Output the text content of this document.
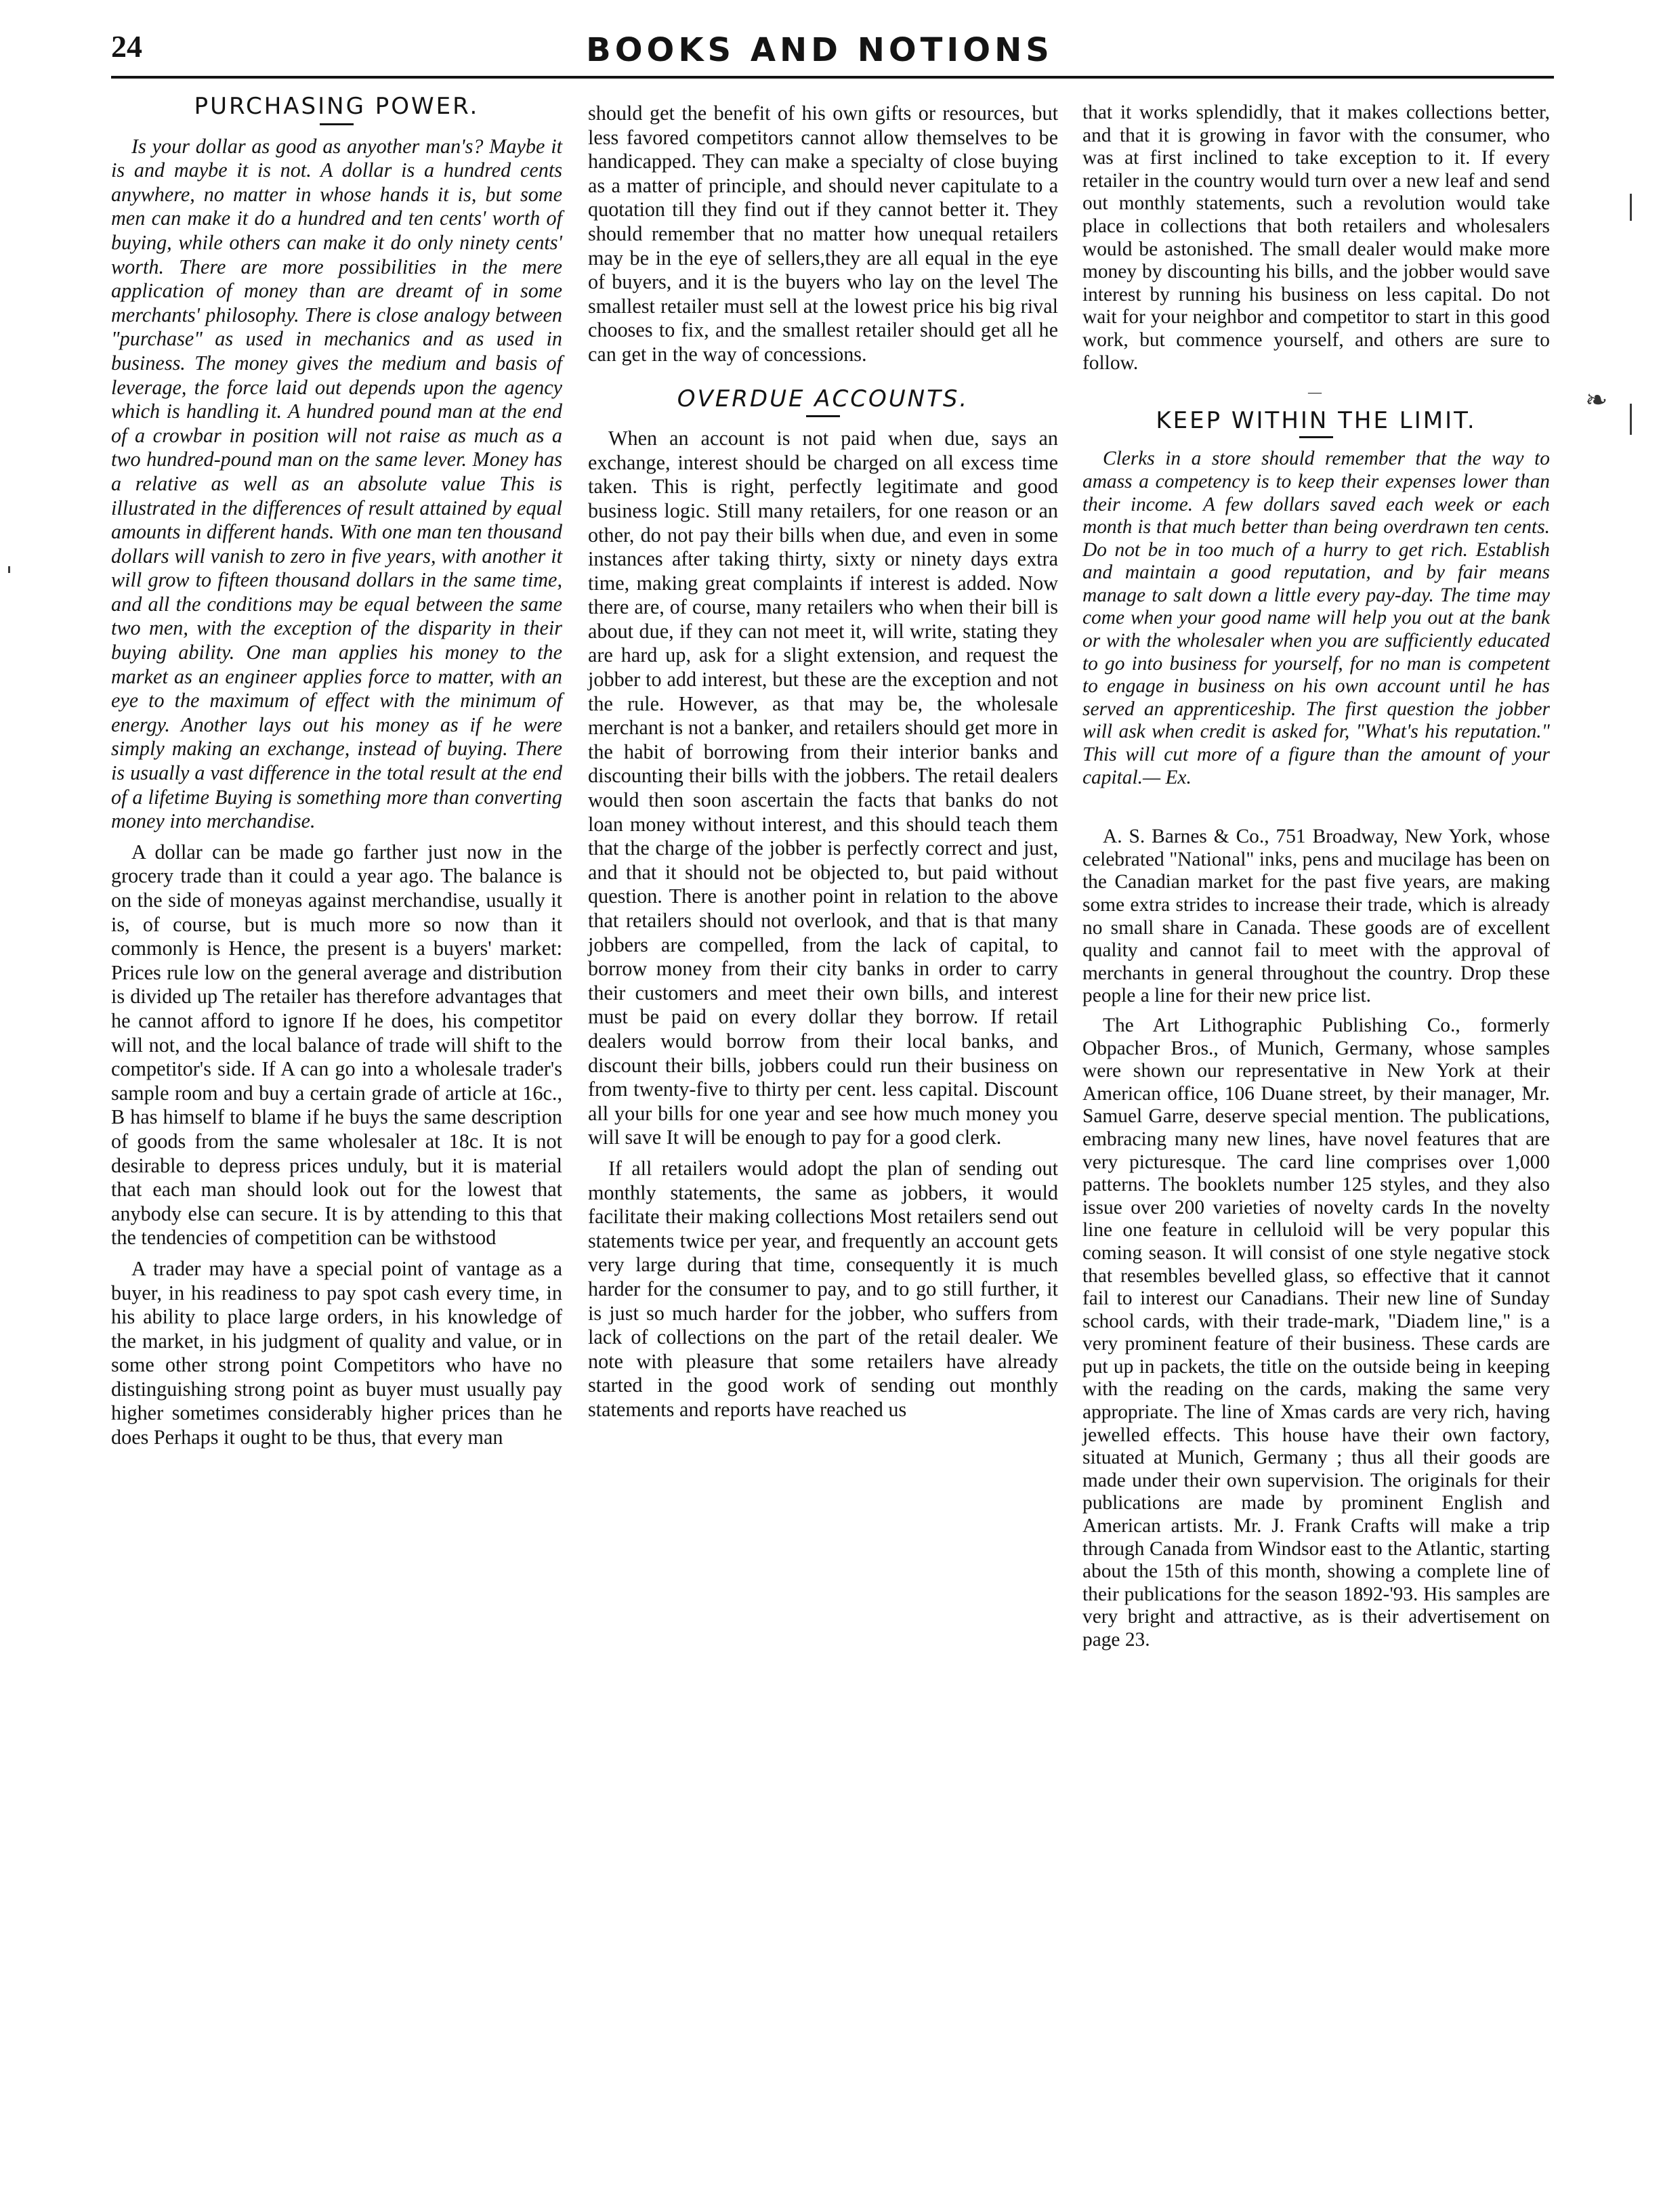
24	BOOKS AND NOTIONS
PURCHASING POWER.

Is your dollar as good as anyother man's? Maybe it is and maybe it is not. A dollar is a hundred cents anywhere, no matter in whose hands it is, but some men can make it do a hundred and ten cents' worth of buying, while others can make it do only ninety cents' worth. There are more possibilities in the mere application of money than are dreamt of in some merchants' philosophy. There is close analogy between "purchase" as used in mechanics and as used in business. The money gives the medium and basis of leverage, the force laid out depends upon the agency which is handling it. A hundred pound man at the end of a crowbar in position will not raise as much as a two hundred-pound man on the same lever. Money has a relative as well as an absolute value This is illustrated in the differences of result attained by equal amounts in different hands. With one man ten thousand dollars will vanish to zero in five years, with another it will grow to fifteen thousand dollars in the same time, and all the conditions may be equal between the same two men, with the exception of the disparity in their buying ability. One man applies his money to the market as an engineer applies force to matter, with an eye to the maximum of effect with the minimum of energy. Another lays out his money as if he were simply making an exchange, instead of buying. There is usually a vast difference in the total result at the end of a lifetime Buying is something more than converting money into merchandise.

A dollar can be made go farther just now in the grocery trade than it could a year ago. The balance is on the side of moneyas against merchandise, usually it is, of course, but is much more so now than it commonly is Hence, the present is a buyers' market: Prices rule low on the general average and distribution is divided up The retailer has therefore advantages that he cannot afford to ignore If he does, his competitor will not, and the local balance of trade will shift to the competitor's side. If A can go into a wholesale trader's sample room and buy a certain grade of article at 16c., B has himself to blame if he buys the same description of goods from the same wholesaler at 18c. It is not desirable to depress prices unduly, but it is material that each man should look out for the lowest that anybody else can secure. It is by attending to this that the tendencies of competition can be withstood

A trader may have a special point of vantage as a buyer, in his readiness to pay spot cash every time, in his ability to place large orders, in his knowledge of the market, in his judgment of quality and value, or in some other strong point Competitors who have no distinguishing strong point as buyer must usually pay higher sometimes considerably higher prices than he does Perhaps it ought to be thus, that every man

should get the benefit of his own gifts or resources, but less favored competitors cannot allow themselves to be handicapped. They can make a specialty of close buying as a matter of principle, and should never capitulate to a quotation till they find out if they cannot better it. They should remember that no matter how unequal retailers may be in the eye of sellers,they are all equal in the eye of buyers, and it is the buyers who lay on the level The smallest retailer must sell at the lowest price his big rival chooses to fix, and the smallest retailer should get all he can get in the way of concessions.

OVERDUE ACCOUNTS.

When an account is not paid when due, says an exchange, interest should be charged on all excess time taken. This is right, perfectly legitimate and good business logic. Still many retailers, for one reason or an other, do not pay their bills when due, and even in some instances after taking thirty, sixty or ninety days extra time, making great complaints if interest is added. Now there are, of course, many retailers who when their bill is about due, if they can not meet it, will write, stating they are hard up, ask for a slight extension, and request the jobber to add interest, but these are the exception and not the rule. However, as that may be, the wholesale merchant is not a banker, and retailers should get more in the habit of borrowing from their interior banks and discounting their bills with the jobbers. The retail dealers would then soon ascertain the facts that banks do not loan money without interest, and this should teach them that the charge of the jobber is perfectly correct and just, and that it should not be objected to, but paid without question. There is another point in relation to the above that retailers should not overlook, and that is that many jobbers are compelled, from the lack of capital, to borrow money from their city banks in order to carry their customers and meet their own bills, and interest must be paid on every dollar they borrow. If retail dealers would borrow from their local banks, and discount their bills, jobbers could run their business on from twenty-five to thirty per cent. less capital. Discount all your bills for one year and see how much money you will save It will be enough to pay for a good clerk.

If all retailers would adopt the plan of sending out monthly statements, the same as jobbers, it would facilitate their making collections Most retailers send out statements twice per year, and frequently an account gets very large during that time, consequently it is much harder for the consumer to pay, and to go still further, it is just so much harder for the jobber, who suffers from lack of collections on the part of the retail dealer. We note with pleasure that some retailers have already started in the good work of sending out monthly statements and reports have reached us

that it works splendidly, that it makes collections better, and that it is growing in favor with the consumer, who was at first inclined to take exception to it. If every retailer in the country would turn over a new leaf and send out monthly statements, such a revolution would take place in collections that both retailers and wholesalers would be astonished. The small dealer would make more money by discounting his bills, and the jobber would save interest by running his business on less capital. Do not wait for your neighbor and competitor to start in this good work, but commence yourself, and others are sure to follow.

—
KEEP WITHIN THE LIMIT.

Clerks in a store should remember that the way to amass a competency is to keep their expenses lower than their income. A few dollars saved each week or each month is that much better than being overdrawn ten cents. Do not be in too much of a hurry to get rich. Establish and maintain a good reputation, and by fair means manage to salt down a little every pay-day. The time may come when your good name will help you out at the bank or with the wholesaler when you are sufficiently educated to go into business for yourself, for no man is competent to engage in business on his own account until he has served an apprenticeship. The first question the jobber will ask when credit is asked for, "What's his reputation." This will cut more of a figure than the amount of your capital.— Ex.

A. S. Barnes & Co., 751 Broadway, New York, whose celebrated "National" inks, pens and mucilage has been on the Canadian market for the past five years, are making some extra strides to increase their trade, which is already no small share in Canada. These goods are of excellent quality and cannot fail to meet with the approval of merchants in general throughout the country. Drop these people a line for their new price list.

The Art Lithographic Publishing Co., formerly Obpacher Bros., of Munich, Germany, whose samples were shown our representative in New York at their American office, 106 Duane street, by their manager, Mr. Samuel Garre, deserve special mention. The publications, embracing many new lines, have novel features that are very picturesque. The card line comprises over 1,000 patterns. The booklets number 125 styles, and they also issue over 200 varieties of novelty cards In the novelty line one feature in celluloid will be very popular this coming season. It will consist of one style negative stock that resembles bevelled glass, so effective that it cannot fail to interest our Canadians. Their new line of Sunday school cards, with their trade-mark, "Diadem line," is a very prominent feature of their business. These cards are put up in packets, the title on the outside being in keeping with the reading on the cards, making the same very appropriate. The line of Xmas cards are very rich, having jewelled effects. This house have their own factory, situated at Munich, Germany ; thus all their goods are made under their own supervision. The originals for their publications are made by prominent English and American artists. Mr. J. Frank Crafts will make a trip through Canada from Windsor east to the Atlantic, starting about the 15th of this month, showing a complete line of their publications for the season 1892-'93. His samples are very bright and attractive, as is their advertisement on page 23.

❧
